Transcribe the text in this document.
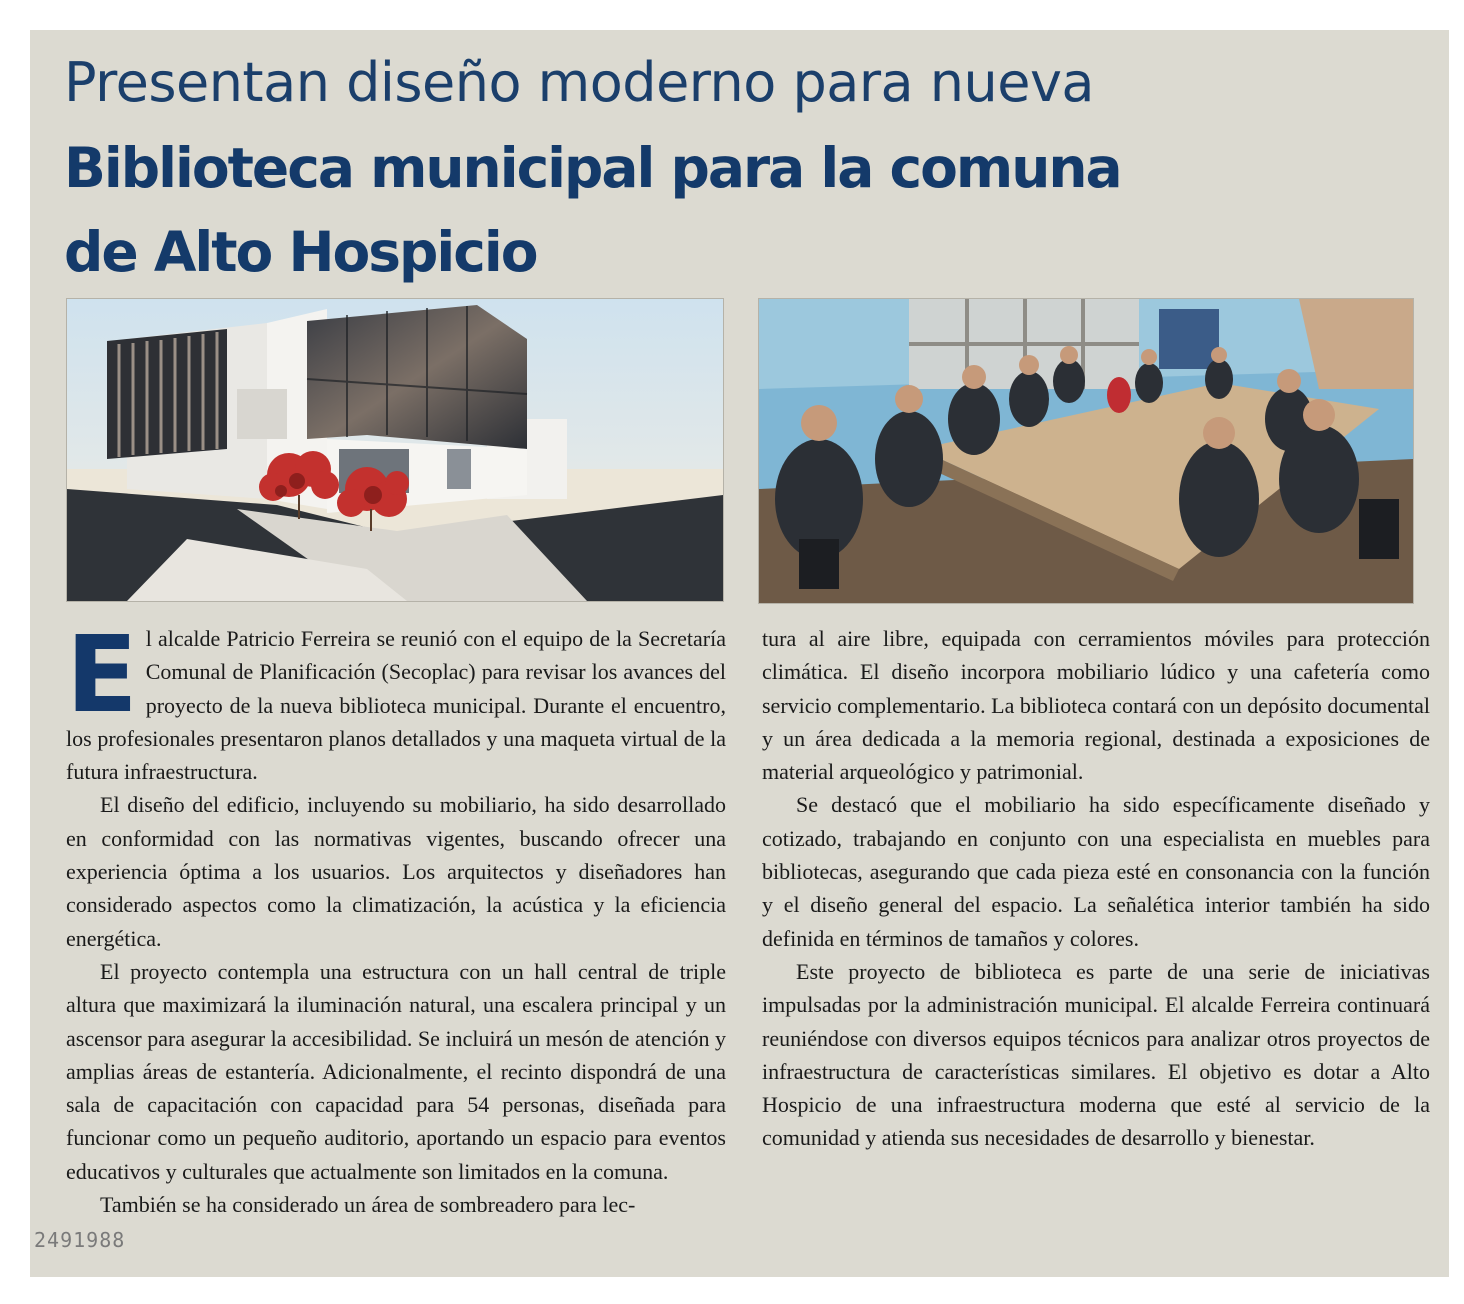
Presentan diseño moderno para nueva
Biblioteca municipal para la comuna
de Alto Hospicio

El alcalde Patricio Ferreira se reunió con el equipo de la Secretaría Comunal de Planificación (Secoplac) para revisar los avances del proyecto de la nueva biblioteca municipal. Durante el encuentro, los profesionales presentaron planos detallados y una maqueta virtual de la futura infraestructura.

El diseño del edificio, incluyendo su mobiliario, ha sido desarrollado en conformidad con las normativas vigentes, buscando ofrecer una experiencia óptima a los usuarios. Los arquitectos y diseñadores han considerado aspectos como la climatización, la acústica y la eficiencia energética.

El proyecto contempla una estructura con un hall central de triple altura que maximizará la iluminación natural, una escalera principal y un ascensor para asegurar la accesibilidad. Se incluirá un mesón de atención y amplias áreas de estantería. Adicionalmente, el recinto dispondrá de una sala de capacitación con capacidad para 54 personas, diseñada para funcionar como un pequeño auditorio, aportando un espacio para eventos educativos y culturales que actualmente son limitados en la comuna.

También se ha considerado un área de sombreadero para lec-

tura al aire libre, equipada con cerramientos móviles para protección climática. El diseño incorpora mobiliario lúdico y una cafetería como servicio complementario. La biblioteca contará con un depósito documental y un área dedicada a la memoria regional, destinada a exposiciones de material arqueológico y patrimonial.

Se destacó que el mobiliario ha sido específicamente diseñado y cotizado, trabajando en conjunto con una especialista en muebles para bibliotecas, asegurando que cada pieza esté en consonancia con la función y el diseño general del espacio. La señalética interior también ha sido definida en términos de tamaños y colores.

Este proyecto de biblioteca es parte de una serie de iniciativas impulsadas por la administración municipal. El alcalde Ferreira continuará reuniéndose con diversos equipos técnicos para analizar otros proyectos de infraestructura de características similares. El objetivo es dotar a Alto Hospicio de una infraestructura moderna que esté al servicio de la comunidad y atienda sus necesidades de desarrollo y bienestar.

2491988
